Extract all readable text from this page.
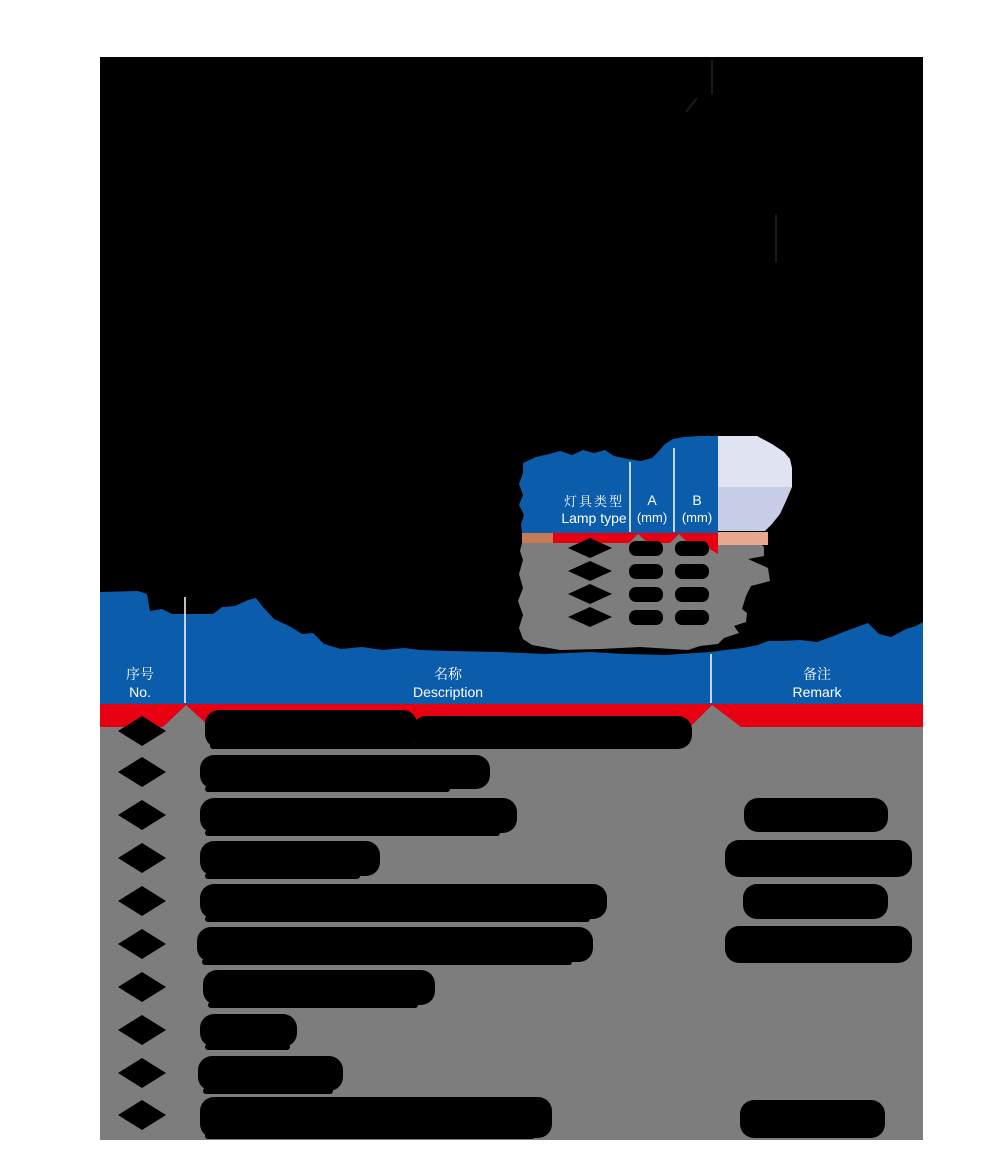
灯具类型
Lamp type
A
(mm)
B
(mm)
序号
No.
名称
Description
备注
Remark
